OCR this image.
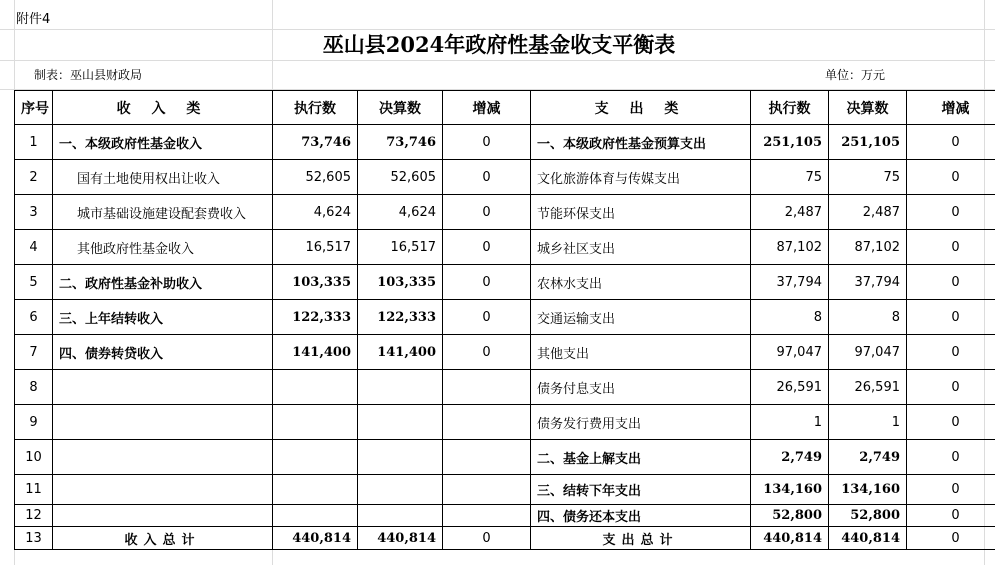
附件4
巫山县2024年政府性基金收支平衡表
制表：巫山县财政局	单位：万元
序号	收 入 类	执行数	决算数	增减	支 出 类	执行数	决算数	增减
1	一、本级政府性基金收入	73,746	73,746	0	一、本级政府性基金预算支出	251,105	251,105	0
2	国有土地使用权出让收入	52,605	52,605	0	文化旅游体育与传媒支出	75	75	0
3	城市基础设施建设配套费收入	4,624	4,624	0	节能环保支出	2,487	2,487	0
4	其他政府性基金收入	16,517	16,517	0	城乡社区支出	87,102	87,102	0
5	二、政府性基金补助收入	103,335	103,335	0	农林水支出	37,794	37,794	0
6	三、上年结转收入	122,333	122,333	0	交通运输支出	8	8	0
7	四、债券转贷收入	141,400	141,400	0	其他支出	97,047	97,047	0
8					债务付息支出	26,591	26,591	0
9					债务发行费用支出	1	1	0
10					二、基金上解支出	2,749	2,749	0
11					三、结转下年支出	134,160	134,160	0
12					四、债务还本支出	52,800	52,800	0
13	收入总计	440,814	440,814	0	支出总计	440,814	440,814	0
